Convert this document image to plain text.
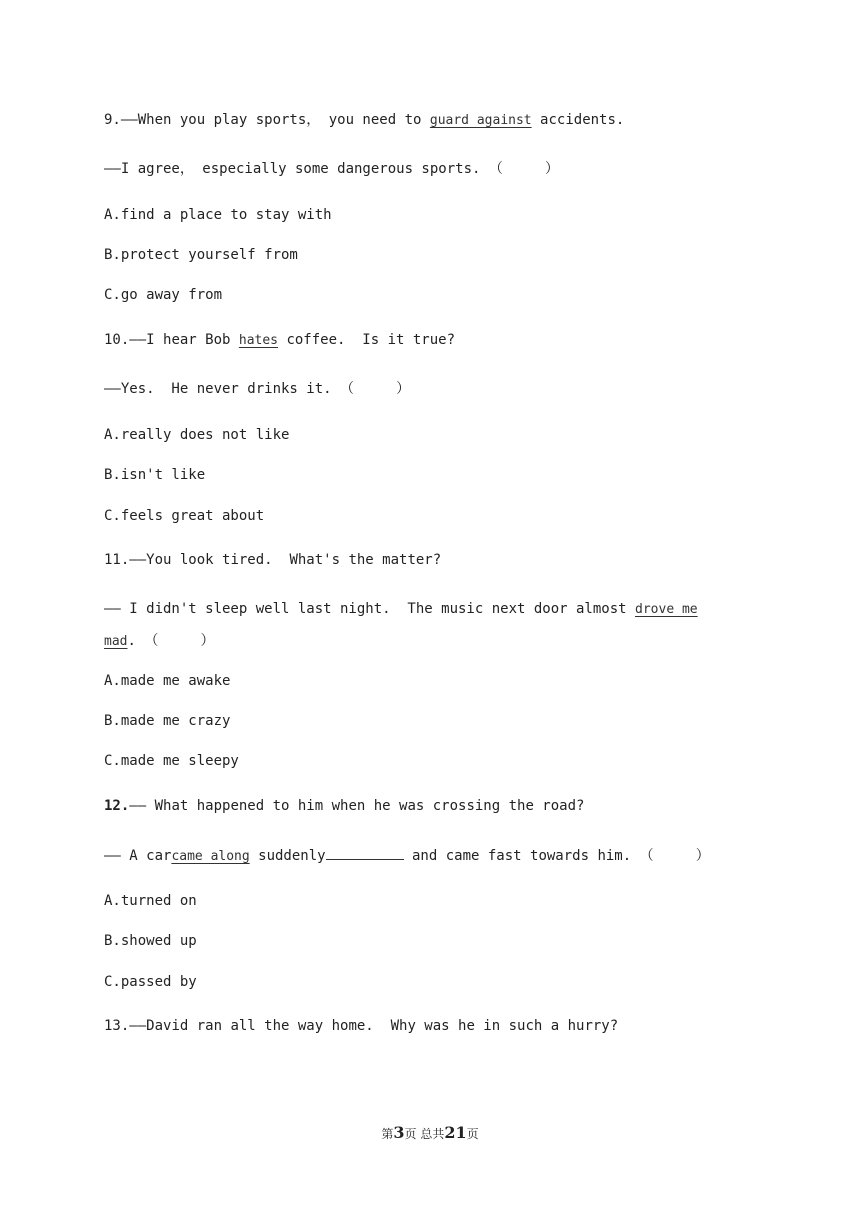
9.——When you play sports， you need to guard against accidents.
——I agree， especially some dangerous sports. （     ）
A.find a place to stay with
B.protect yourself from
C.go away from
10.——I hear Bob hates coffee.  Is it true?
——Yes.  He never drinks it. （     ）
A.really does not like
B.isn't like
C.feels great about
11.——You look tired.  What's the matter?
—— I didn't sleep well last night.  The music next door almost drove me
mad. （     ）
A.made me awake
B.made me crazy
C.made me sleepy
12.—— What happened to him when he was crossing the road?
—— A carcame along suddenly	and came fast towards him. （     ）
A.turned on
B.showed up
C.passed by
13.——David ran all the way home.  Why was he in such a hurry?
第3页 总共21页
